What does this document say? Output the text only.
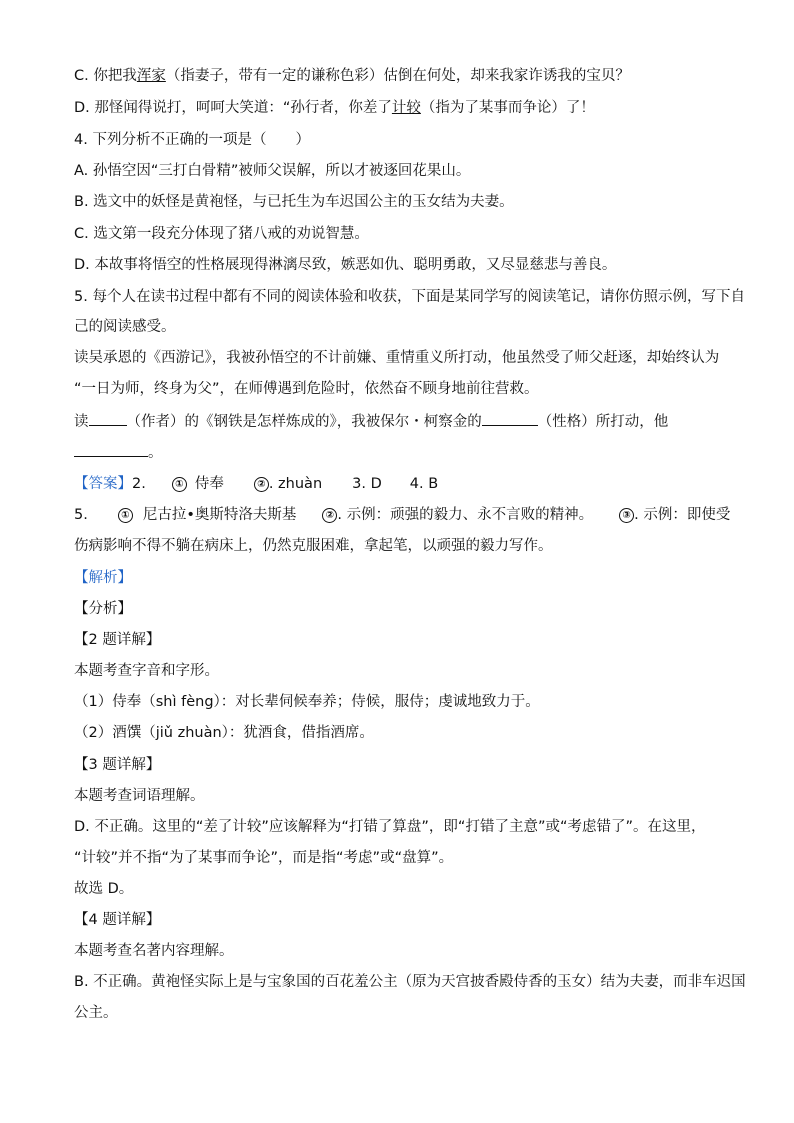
C. 你把我浑家（指妻子，带有一定的谦称色彩）估倒在何处，却来我家诈诱我的宝贝？
D. 那怪闻得说打，呵呵大笑道：“孙行者，你差了计较（指为了某事而争论）了！
4. 下列分析不正确的一项是（　　）
A. 孙悟空因“三打白骨精”被师父误解，所以才被逐回花果山。
B. 选文中的妖怪是黄袍怪，与已托生为车迟国公主的玉女结为夫妻。
C. 选文第一段充分体现了猪八戒的劝说智慧。
D. 本故事将悟空的性格展现得淋漓尽致，嫉恶如仇、聪明勇敢，又尽显慈悲与善良。
5. 每个人在读书过程中都有不同的阅读体验和收获，下面是某同学写的阅读笔记，请你仿照示例，写下自
己的阅读感受。
读吴承恩的《西游记》，我被孙悟空的不计前嫌、重情重义所打动，他虽然受了师父赶逐，却始终认为
“一日为师，终身为父”，在师傅遇到危险时，依然奋不顾身地前往营救。
读	（作者）的《钢铁是怎样炼成的》，我被保尔・柯察金的	（性格）所打动，他
。
【答案】2.	① 侍奉	② . zhuàn 3. D 4. B
5.	① 尼古拉•奥斯特洛夫斯基	② . 示例：顽强的毅力、永不言败的精神。	③ . 示例：即使受
伤病影响不得不躺在病床上，仍然克服困难，拿起笔，以顽强的毅力写作。
【解析】
【分析】
【2 题详解】
本题考查字音和字形。
（1）侍奉（shì fèng）：对长辈伺候奉养；侍候，服侍；虔诚地致力于。
（2）酒馔（jiǔ zhuàn）：犹酒食，借指酒席。
【3 题详解】
本题考查词语理解。
D. 不正确。这里的“差了计较”应该解释为“打错了算盘”，即“打错了主意”或“考虑错了”。在这里，
“计较”并不指“为了某事而争论”，而是指“考虑”或“盘算”。
故选 D。
【4 题详解】
本题考查名著内容理解。
B. 不正确。黄袍怪实际上是与宝象国的百花羞公主（原为天宫披香殿侍香的玉女）结为夫妻，而非车迟国
公主。
